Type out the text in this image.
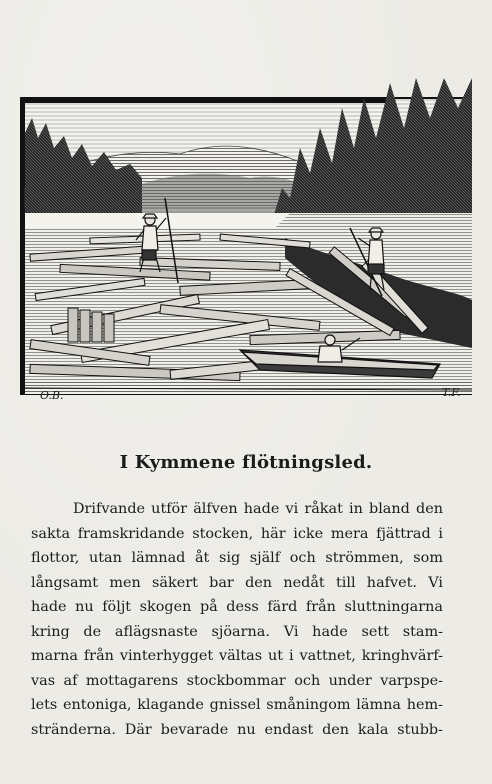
O.B.	T.F.
I Kymmene flötningsled.
Drifvande utför älfven hade vi råkat in bland den
sakta framskridande stocken, här icke mera fjättrad i
flottor, utan lämnad åt sig själf och strömmen, som
långsamt men säkert bar den nedåt till hafvet. Vi
hade nu följt skogen på dess färd från sluttningarna
kring de aflägsnaste sjöarna. Vi hade sett stam-
marna från vinterhygget vältas ut i vattnet, kringhvärf-
vas af mottagarens stockbommar och under varpspe-
lets entoniga, klagande gnissel småningom lämna hem-
stränderna. Där bevarade nu endast den kala stubb-
